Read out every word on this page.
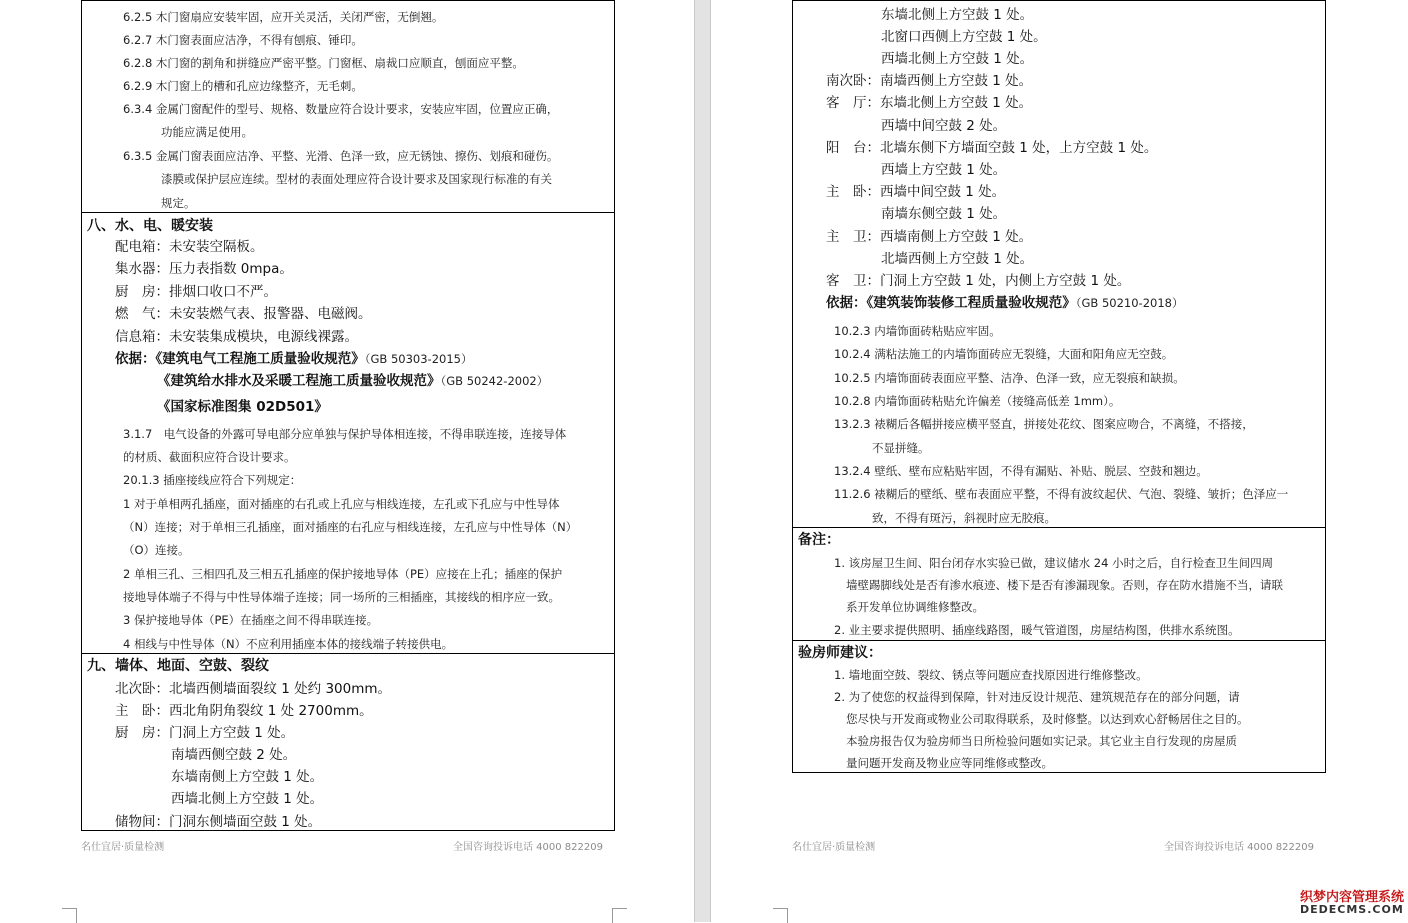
6.2.5 木门窗扇应安装牢固，应开关灵活，关闭严密，无倒翘。
6.2.7 木门窗表面应洁净，不得有刨痕、锤印。
6.2.8 木门窗的割角和拼缝应严密平整。门窗框、扇裁口应顺直，刨面应平整。
6.2.9 木门窗上的槽和孔应边缘整齐，无毛刺。
6.3.4 金属门窗配件的型号、规格、数量应符合设计要求，安装应牢固，位置应正确，
功能应满足使用。
6.3.5 金属门窗表面应洁净、平整、光滑、色泽一致，应无锈蚀、擦伤、划痕和碰伤。
漆膜或保护层应连续。型材的表面处理应符合设计要求及国家现行标准的有关
规定。
八、水、电、暖安装
配电箱：未安装空隔板。
集水器：压力表指数 0mpa。
厨　房：排烟口收口不严。
燃　气：未安装燃气表、报警器、电磁阀。
信息箱：未安装集成模块，电源线裸露。
依据：《建筑电气工程施工质量验收规范》（GB 50303-2015）
《建筑给水排水及采暖工程施工质量验收规范》（GB 50242-2002）
《国家标准图集 02D501》
3.1.7　电气设备的外露可导电部分应单独与保护导体相连接，不得串联连接，连接导体
的材质、截面积应符合设计要求。
20.1.3 插座接线应符合下列规定：
1 对于单相两孔插座，面对插座的右孔或上孔应与相线连接，左孔或下孔应与中性导体
（N）连接；对于单相三孔插座，面对插座的右孔应与相线连接，左孔应与中性导体（N）
（O）连接。
2 单相三孔、三相四孔及三相五孔插座的保护接地导体（PE）应接在上孔；插座的保护
接地导体端子不得与中性导体端子连接；同一场所的三相插座，其接线的相序应一致。
3 保护接地导体（PE）在插座之间不得串联连接。
4 相线与中性导体（N）不应利用插座本体的接线端子转接供电。
九、墙体、地面、空鼓、裂纹
北次卧：北墙西侧墙面裂纹 1 处约 300mm。
主　卧：西北角阴角裂纹 1 处 2700mm。
厨　房：门洞上方空鼓 1 处。
南墙西侧空鼓 2 处。
东墙南侧上方空鼓 1 处。
西墙北侧上方空鼓 1 处。
储物间：门洞东侧墙面空鼓 1 处。
名仕宜居·质量检测	全国咨询投诉电话 4000 822209
东墙北侧上方空鼓 1 处。
北窗口西侧上方空鼓 1 处。
西墙北侧上方空鼓 1 处。
南次卧：南墙西侧上方空鼓 1 处。
客　厅：东墙北侧上方空鼓 1 处。
西墙中间空鼓 2 处。
阳　台：北墙东侧下方墙面空鼓 1 处，上方空鼓 1 处。
西墙上方空鼓 1 处。
主　卧：西墙中间空鼓 1 处。
南墙东侧空鼓 1 处。
主　卫：西墙南侧上方空鼓 1 处。
北墙西侧上方空鼓 1 处。
客　卫：门洞上方空鼓 1 处，内侧上方空鼓 1 处。
依据：《建筑装饰装修工程质量验收规范》（GB 50210-2018）
10.2.3 内墙饰面砖粘贴应牢固。
10.2.4 满粘法施工的内墙饰面砖应无裂缝，大面和阳角应无空鼓。
10.2.5 内墙饰面砖表面应平整、洁净、色泽一致，应无裂痕和缺损。
10.2.8 内墙饰面砖粘贴允许偏差（接缝高低差 1mm）。
13.2.3 裱糊后各幅拼接应横平竖直，拼接处花纹、图案应吻合，不离缝，不搭接，
不显拼缝。
13.2.4 壁纸、壁布应粘贴牢固，不得有漏贴、补贴、脱层、空鼓和翘边。
11.2.6 裱糊后的壁纸、壁布表面应平整，不得有波纹起伏、气泡、裂缝、皱折；色泽应一
致，不得有斑污，斜视时应无胶痕。
备注：
1. 该房屋卫生间、阳台闭存水实验已做，建议储水 24 小时之后，自行检查卫生间四周
墙壁踢脚线处是否有渗水痕迹、楼下是否有渗漏现象。否则，存在防水措施不当，请联
系开发单位协调维修整改。
2. 业主要求提供照明、插座线路图，暖气管道图，房屋结构图，供排水系统图。
验房师建议：
1. 墙地面空鼓、裂纹、锈点等问题应查找原因进行维修整改。
2. 为了使您的权益得到保障，针对违反设计规范、建筑规范存在的部分问题，请
您尽快与开发商或物业公司取得联系，及时修整。以达到欢心舒畅居住之目的。
本验房报告仅为验房师当日所检验问题如实记录。其它业主自行发现的房屋质
量问题开发商及物业应等同维修或整改。
名仕宜居·质量检测	全国咨询投诉电话 4000 822209
织梦内容管理系统
DEDECMS.COM
